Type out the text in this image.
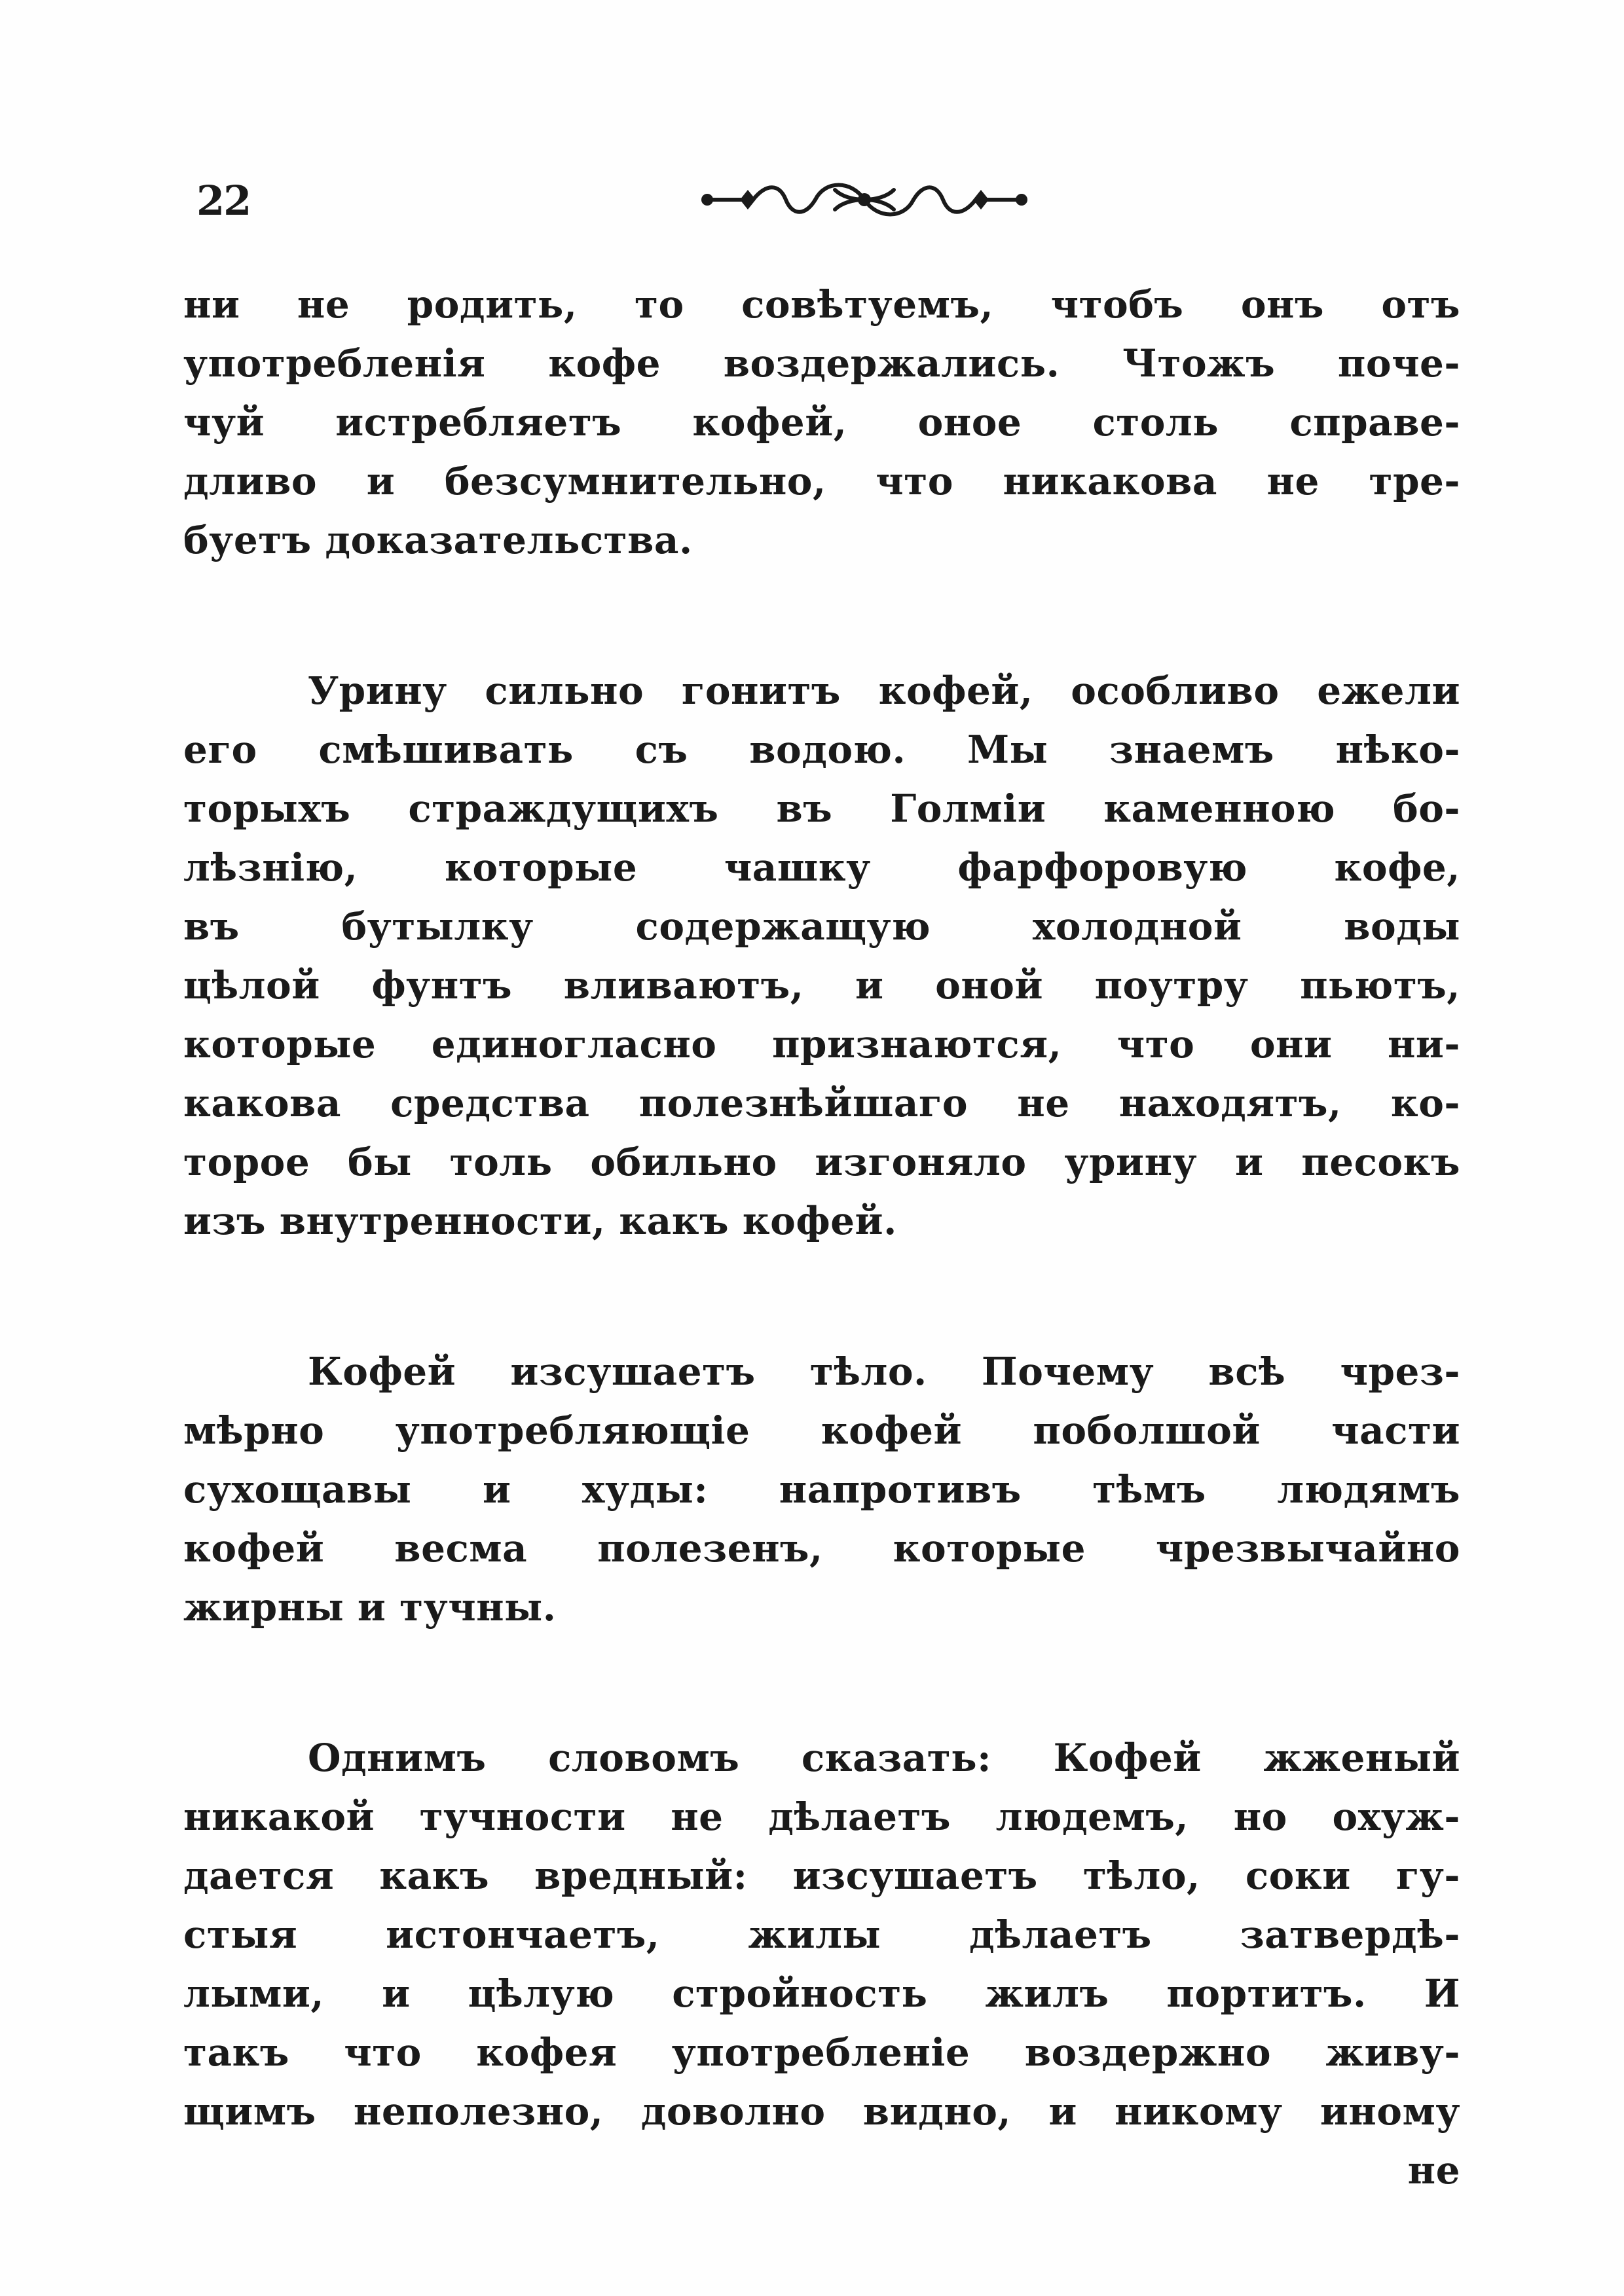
22
ни не родить, то совѣтуемъ, чтобъ онъ отъ
употребленія кофе воздержались. Чтожъ поче-
чуй истребляетъ кофей, оное столь справе-
дливо и безсумнительно, что никакова не тре-
буетъ доказательства.
Урину сильно гонитъ кофей, особливо ежели
его смѣшивать съ водою. Мы знаемъ нѣко-
торыхъ страждущихъ въ Голміи каменною бо-
лѣзнію, которые чашку фарфоровую кофе,
въ бутылку содержащую холодной воды
цѣлой фунтъ вливаютъ, и оной поутру пьютъ,
которые единогласно признаются, что они ни-
какова средства полезнѣйшаго не находятъ, ко-
торое бы толь обильно изгоняло урину и песокъ
изъ внутренности, какъ кофей.
Кофей изсушаетъ тѣло. Почему всѣ чрез-
мѣрно употребляющіе кофей поболшой части
сухощавы и худы: напротивъ тѣмъ людямъ
кофей весма полезенъ, которые чрезвычайно
жирны и тучны.
Однимъ словомъ сказать: Кофей жженый
никакой тучности не дѣлаетъ людемъ, но охуж-
дается какъ вредный: изсушаетъ тѣло, соки гу-
стыя истончаетъ, жилы дѣлаетъ затвердѣ-
лыми, и цѣлую стройность жилъ портитъ. И
такъ что кофея употребленіе воздержно живу-
щимъ неполезно, доволно видно, и никому иному
не
